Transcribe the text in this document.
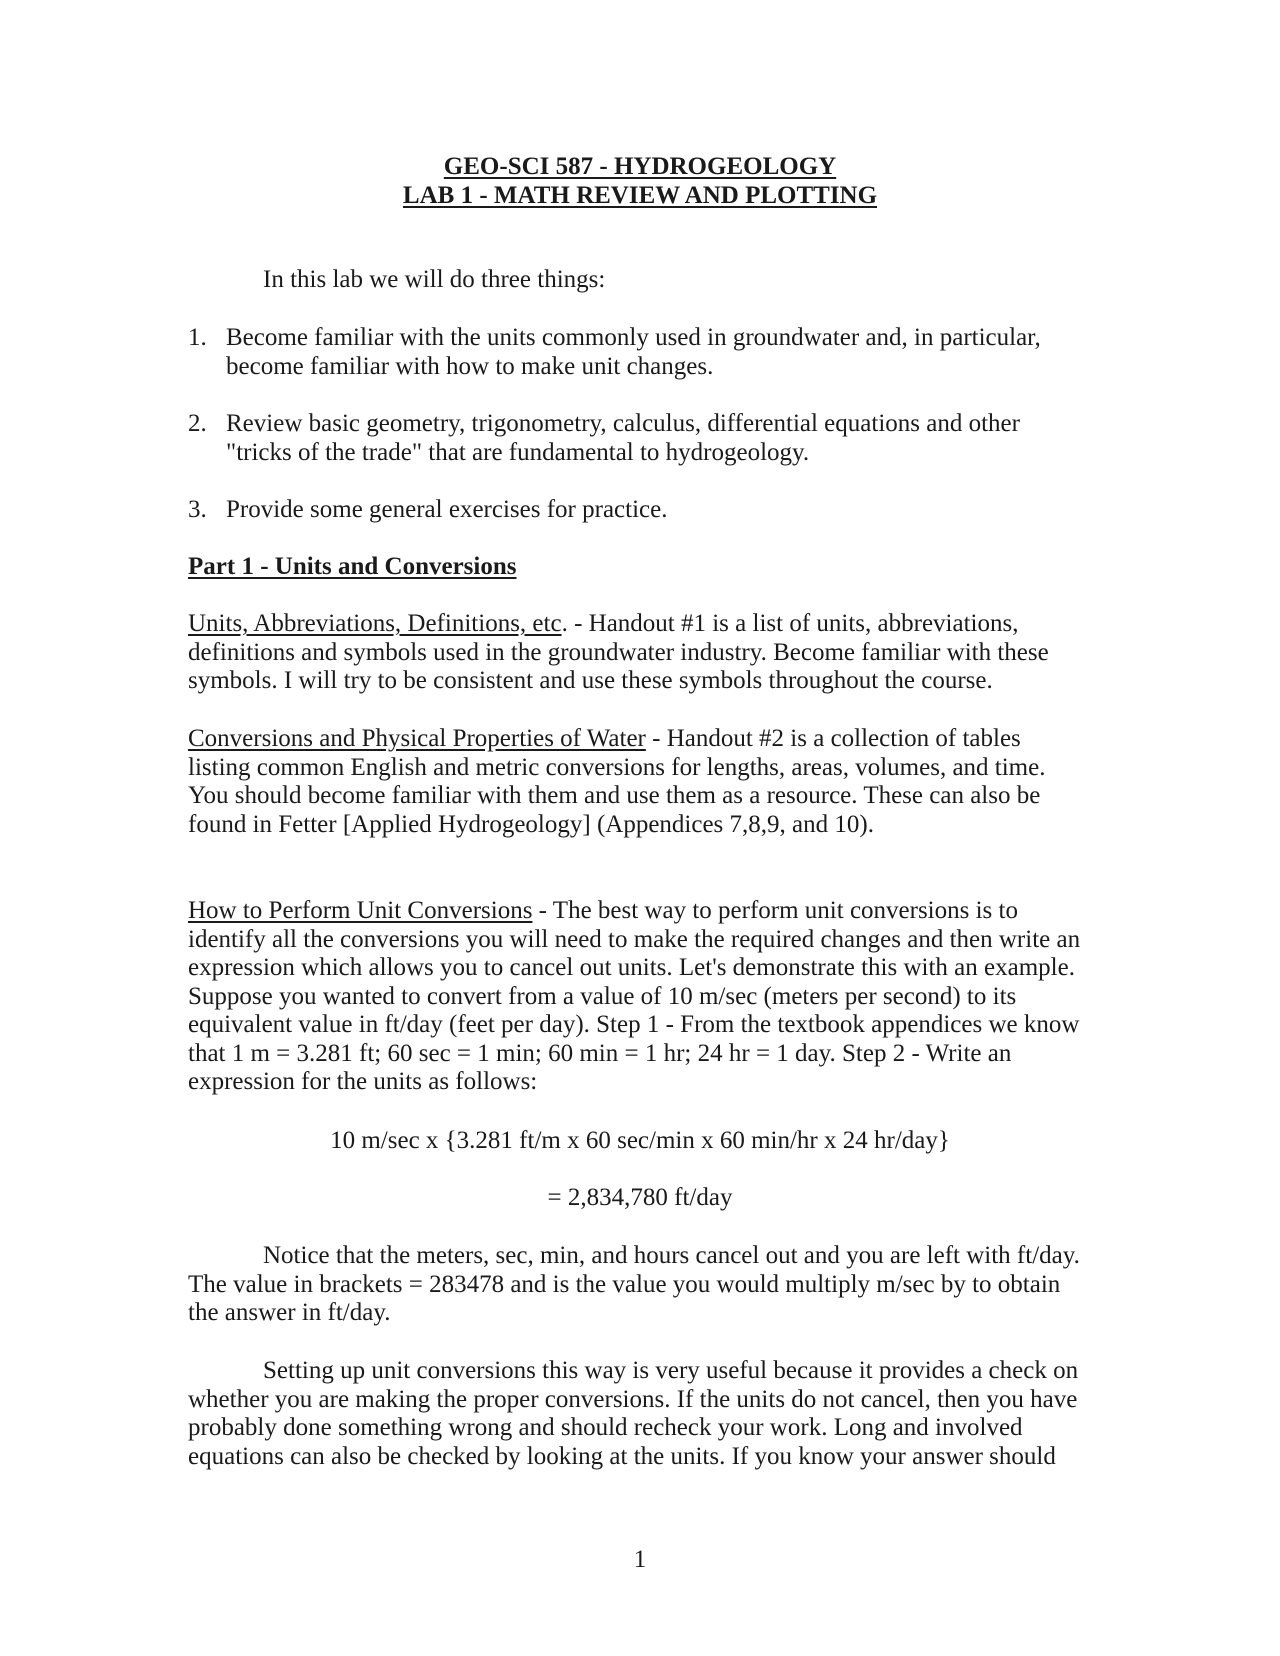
GEO-SCI 587 - HYDROGEOLOGY
LAB 1 - MATH REVIEW AND PLOTTING
In this lab we will do three things:
1. Become familiar with the units commonly used in groundwater and, in particular,
become familiar with how to make unit changes.
2. Review basic geometry, trigonometry, calculus, differential equations and other
"tricks of the trade" that are fundamental to hydrogeology.
3. Provide some general exercises for practice.
Part 1 - Units and Conversions
Units, Abbreviations, Definitions, etc. - Handout #1 is a list of units, abbreviations,
definitions and symbols used in the groundwater industry. Become familiar with these
symbols. I will try to be consistent and use these symbols throughout the course.
Conversions and Physical Properties of Water - Handout #2 is a collection of tables
listing common English and metric conversions for lengths, areas, volumes, and time.
You should become familiar with them and use them as a resource. These can also be
found in Fetter [Applied Hydrogeology] (Appendices 7,8,9, and 10).
How to Perform Unit Conversions - The best way to perform unit conversions is to
identify all the conversions you will need to make the required changes and then write an
expression which allows you to cancel out units. Let's demonstrate this with an example.
Suppose you wanted to convert from a value of 10 m/sec (meters per second) to its
equivalent value in ft/day (feet per day). Step 1 - From the textbook appendices we know
that 1 m = 3.281 ft; 60 sec = 1 min; 60 min = 1 hr; 24 hr = 1 day. Step 2 - Write an
expression for the units as follows:
10 m/sec x {3.281 ft/m x 60 sec/min x 60 min/hr x 24 hr/day}
= 2,834,780 ft/day
Notice that the meters, sec, min, and hours cancel out and you are left with ft/day.
The value in brackets = 283478 and is the value you would multiply m/sec by to obtain
the answer in ft/day.
Setting up unit conversions this way is very useful because it provides a check on
whether you are making the proper conversions. If the units do not cancel, then you have
probably done something wrong and should recheck your work. Long and involved
equations can also be checked by looking at the units. If you know your answer should
1
